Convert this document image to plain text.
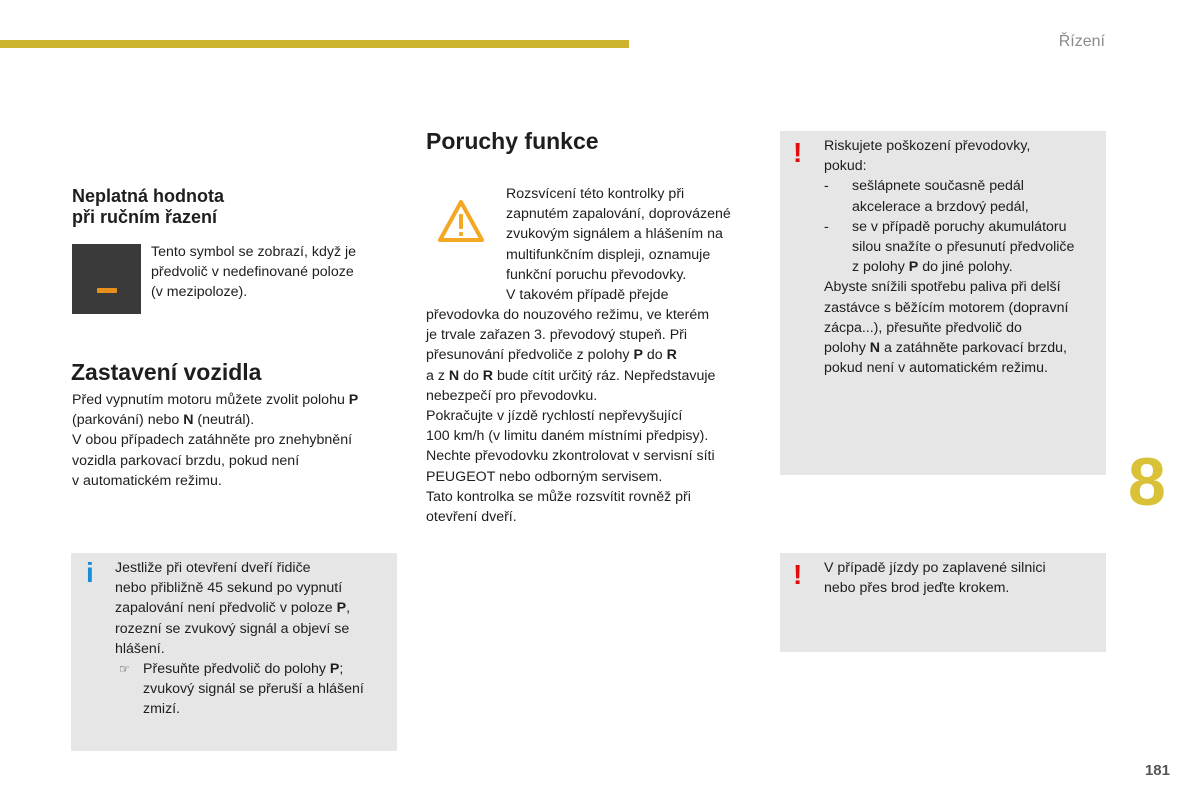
Řízení
8
181
Neplatná hodnota
při ručním řazení
Tento symbol se zobrazí, když je
předvolič v nedefinované poloze
(v mezipoloze).
Zastavení vozidla
Před vypnutím motoru můžete zvolit polohu P
(parkování) nebo N (neutrál).
V obou případech zatáhněte pro znehybnění
vozidla parkovací brzdu, pokud není
v automatickém režimu.
i Jestliže při otevření dveří řidiče
nebo přibližně 45 sekund po vypnutí
zapalování není předvolič v poloze P,
rozezní se zvukový signál a objeví se
hlášení.
☞ Přesuňte předvolič do polohy P;
zvukový signál se přeruší a hlášení
zmizí.
Poruchy funkce
Rozsvícení této kontrolky při
zapnutém zapalování, doprovázené
zvukovým signálem a hlášením na
multifunkčním displeji, oznamuje
funkční poruchu převodovky.
V takovém případě přejde
převodovka do nouzového režimu, ve kterém
je trvale zařazen 3. převodový stupeň. Při
přesunování předvoliče z polohy P do R
a z N do R bude cítit určitý ráz. Nepředstavuje
nebezpečí pro převodovku.
Pokračujte v jízdě rychlostí nepřevyšující
100 km/h (v limitu daném místními předpisy).
Nechte převodovku zkontrolovat v servisní síti
PEUGEOT nebo odborným servisem.
Tato kontrolka se může rozsvítit rovněž při
otevření dveří.
! Riskujete poškození převodovky,
pokud:
- sešlápnete současně pedál
akcelerace a brzdový pedál,
- se v případě poruchy akumulátoru
silou snažíte o přesunutí předvoliče
z polohy P do jiné polohy.
Abyste snížili spotřebu paliva při delší
zastávce s běžícím motorem (dopravní
zácpa...), přesuňte předvolič do
polohy N a zatáhněte parkovací brzdu,
pokud není v automatickém režimu.
! V případě jízdy po zaplavené silnici
nebo přes brod jeďte krokem.
